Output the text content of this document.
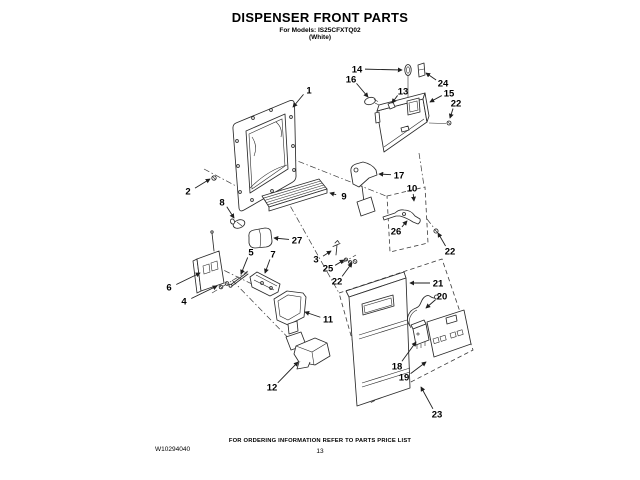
DISPENSER FRONT PARTS
For Models: IS25CFXTQ02
(White)
1
2
8
9
17
10
26
14
16
13
24
15
22
27
5 7
6
4
3
25
22
22
11
12
21
20
18
19
23
FOR ORDERING INFORMATION REFER TO PARTS PRICE LIST
13
W10294040
